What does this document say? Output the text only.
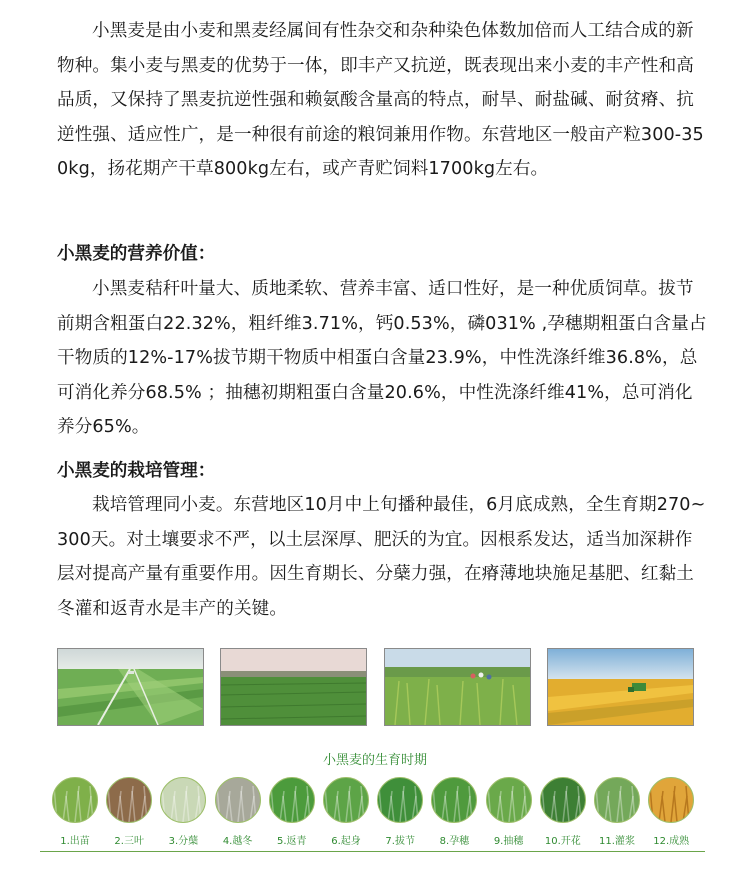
小黑麦是由小麦和黑麦经属间有性杂交和杂种染色体数加倍而人工结合成的新物种。集小麦与黑麦的优势于一体，即丰产又抗逆，既表现出来小麦的丰产性和高品质，又保持了黑麦抗逆性强和赖氨酸含量高的特点，耐旱、耐盐碱、耐贫瘠、抗逆性强、适应性广，是一种很有前途的粮饲兼用作物。东营地区一般亩产粒300-350kg，扬花期产干草800kg左右，或产青贮饲料1700kg左右。

小黑麦的营养价值：

小黑麦秸秆叶量大、质地柔软、营养丰富、适口性好，是一种优质饲草。拔节前期含粗蛋白22.32%，粗纤维3.71%，钙0.53%，磷031% ,孕穗期粗蛋白含量占干物质的12%-17%拔节期干物质中相蛋白含量23.9%，中性洗涤纤维36.8%，总可消化养分68.5% ；抽穗初期粗蛋白含量20.6%，中性洗涤纤维41%，总可消化养分65%。

小黑麦的栽培管理：

栽培管理同小麦。东营地区10月中上旬播种最佳，6月底成熟，全生育期270~300天。对土壤要求不严，以土层深厚、肥沃的为宜。因根系发达，适当加深耕作层对提高产量有重要作用。因生育期长、分蘖力强，在瘠薄地块施足基肥、红黏土冬灌和返青水是丰产的关键。

小黑麦的生育时期

1.出苗	2.三叶	3.分蘖	4.越冬	5.返青	6.起身	7.拔节	8.孕穗	9.抽穗	10.开花	11.灌浆	12.成熟
